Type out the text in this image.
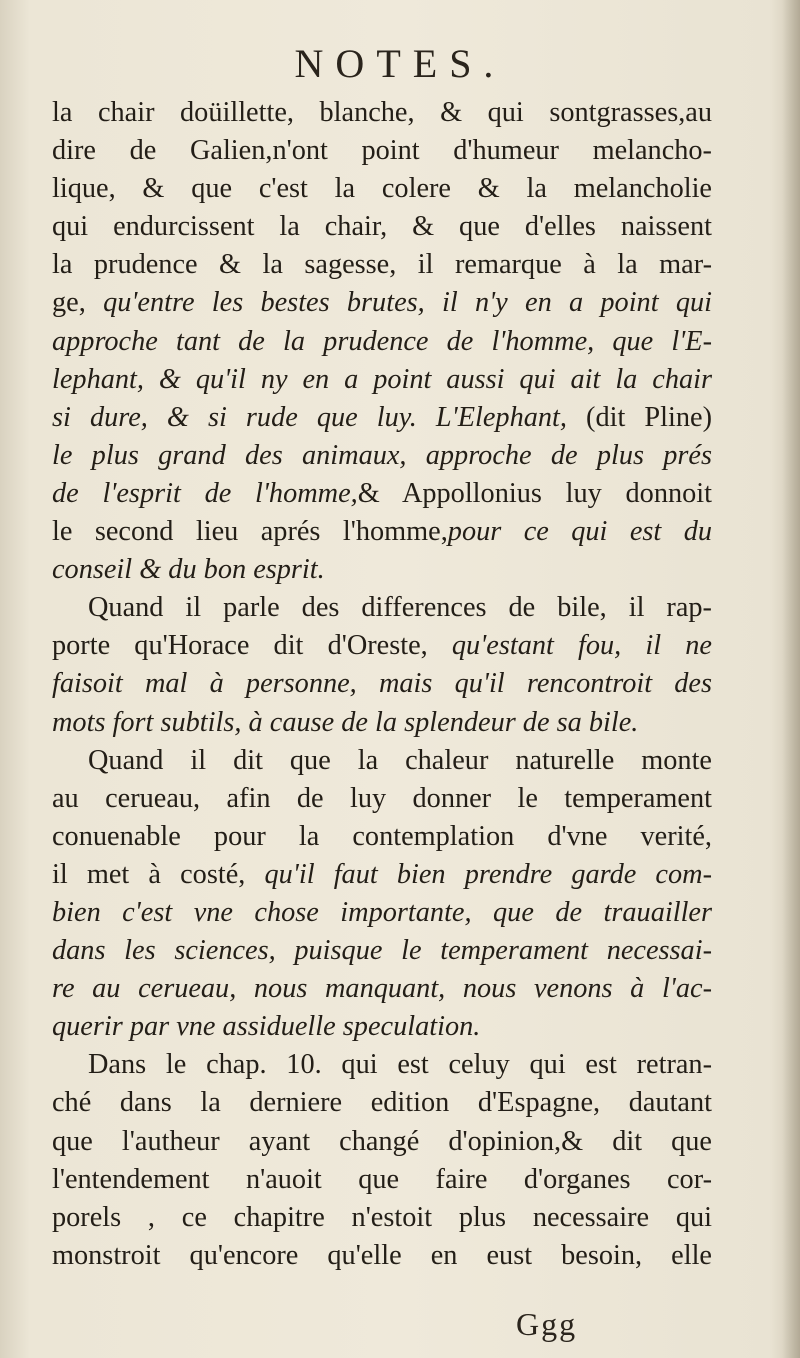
NOTES.
la chair doüillette, blanche, & qui sontgrasses,au
dire de Galien,n'ont point d'humeur melancho-
lique, & que c'est la colere & la melancholie
qui endurcissent la chair, & que d'elles naissent
la prudence & la sagesse, il remarque à la mar-
ge, qu'entre les bestes brutes, il n'y en a point qui
approche tant de la prudence de l'homme, que l'E-
lephant, & qu'il ny en a point aussi qui ait la chair
si dure, & si rude que luy. L'Elephant, (dit Pline)
le plus grand des animaux, approche de plus prés
de l'esprit de l'homme,& Appollonius luy donnoit
le second lieu aprés l'homme,pour ce qui est du
conseil & du bon esprit.
Quand il parle des differences de bile, il rap-
porte qu'Horace dit d'Oreste, qu'estant fou, il ne
faisoit mal à personne, mais qu'il rencontroit des
mots fort subtils, à cause de la splendeur de sa bile.
Quand il dit que la chaleur naturelle monte
au cerueau, afin de luy donner le temperament
conuenable pour la contemplation d'vne verité,
il met à costé, qu'il faut bien prendre garde com-
bien c'est vne chose importante, que de trauailler
dans les sciences, puisque le temperament necessai-
re au cerueau, nous manquant, nous venons à l'ac-
querir par vne assiduelle speculation.
Dans le chap. 10. qui est celuy qui est retran-
ché dans la derniere edition d'Espagne, dautant
que l'autheur ayant changé d'opinion,& dit que
l'entendement n'auoit que faire d'organes cor-
porels , ce chapitre n'estoit plus necessaire qui
monstroit qu'encore qu'elle en eust besoin, elle
Ggg
